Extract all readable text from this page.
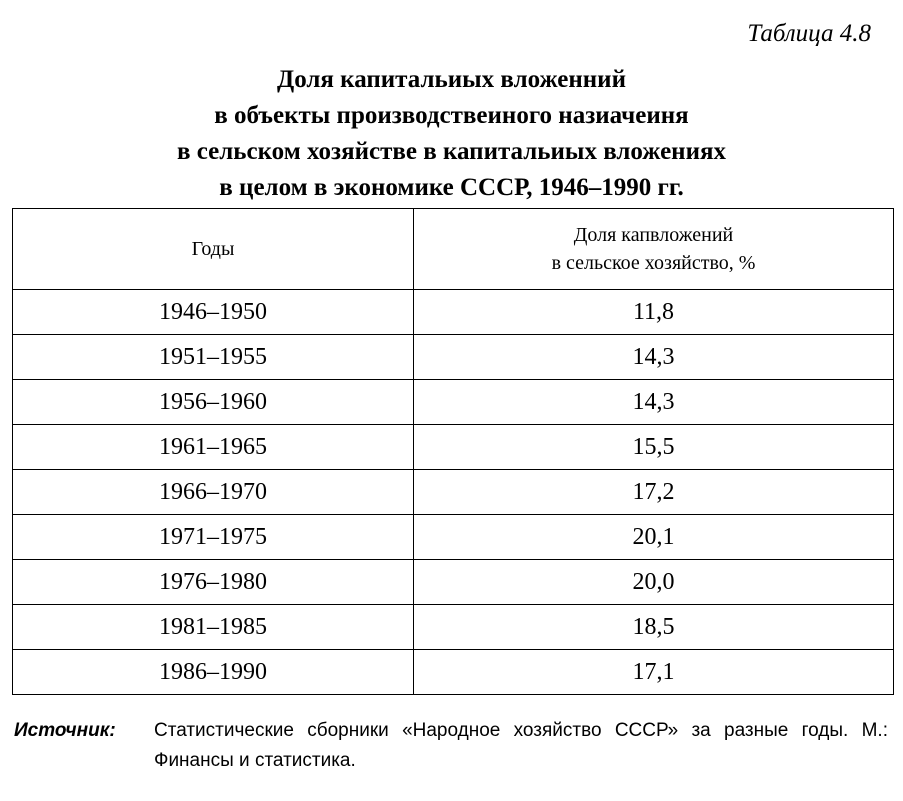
Таблица 4.8
Доля капитальиых вложенний
в объекты производствеиного назиачеиня
в сельском хозяйстве в капитальиых вложениях
в целом в экономике СССР, 1946–1990 гг.
Годы	Доля капвложений
в сельское хозяйство, %

1946–1950	11,8
1951–1955	14,3
1956–1960	14,3
1961–1965	15,5
1966–1970	17,2
1971–1975	20,1
1976–1980	20,0
1981–1985	18,5
1986–1990	17,1
Источник: Статистические сборники «Народное хозяйство СССР» за разные годы. М.: Финансы и статистика.
